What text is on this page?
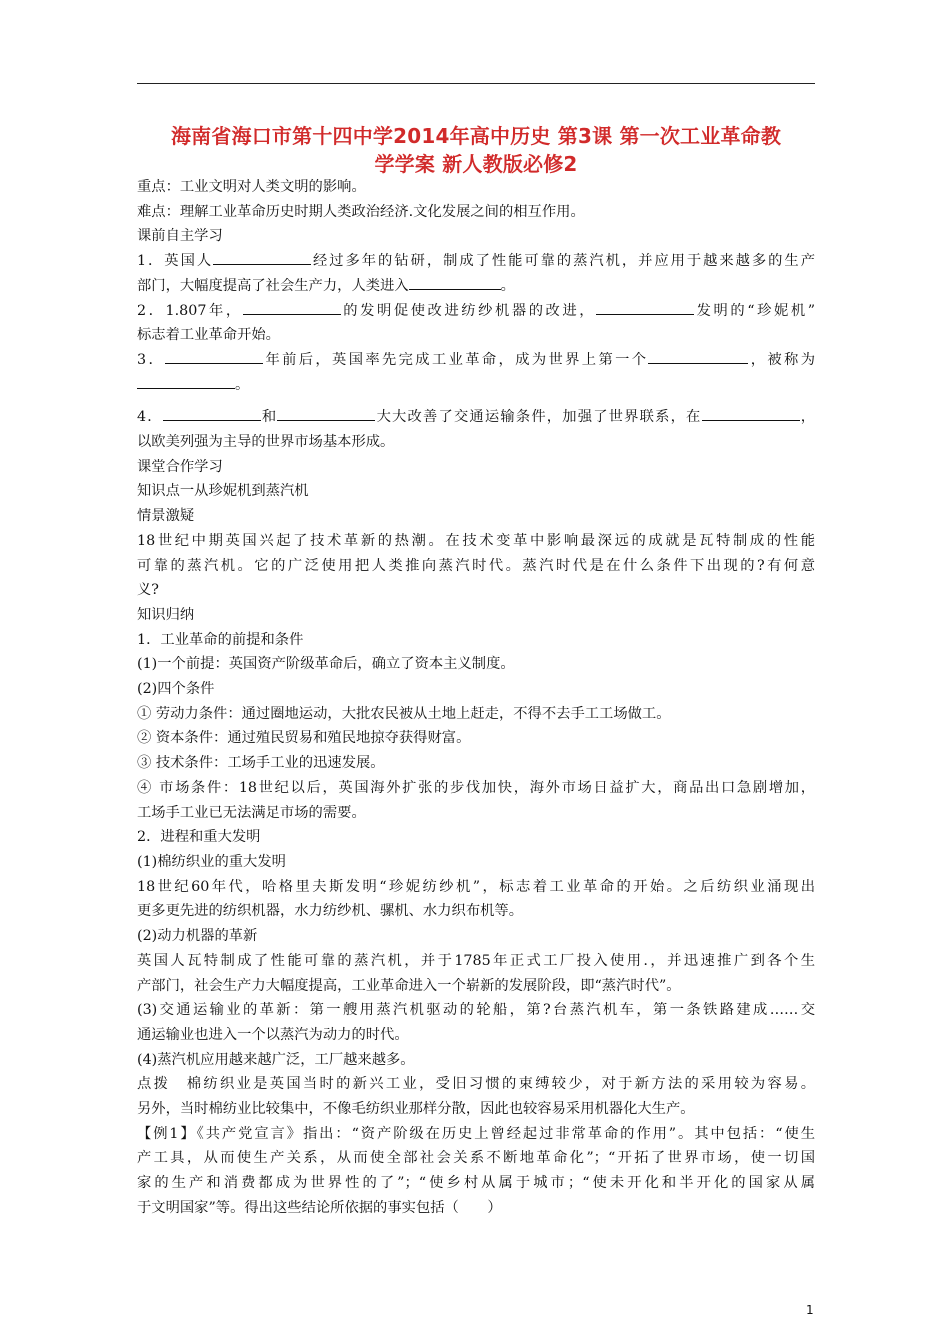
海南省海口市第十四中学2014年高中历史 第3课 第一次工业革命教
学学案 新人教版必修2

重点：工业文明对人类文明的影响。

难点：理解工业革命历史时期人类政治经济.文化发展之间的相互作用。

课前自主学习

1．英国人	经过多年的钻研，制成了性能可靠的蒸汽机，并应用于越来越多的生产

部门，大幅度提高了社会生产力，人类进入	。

2．1.807年，	的发明促使改进纺纱机器的改进，	发明的“珍妮机”

标志着工业革命开始。

3．	年前后，英国率先完成工业革命，成为世界上第一个	，被称为

。

4．	和	大大改善了交通运输条件，加强了世界联系，在	，

以欧美列强为主导的世界市场基本形成。

课堂合作学习

知识点一从珍妮机到蒸汽机

情景激疑

18世纪中期英国兴起了技术革新的热潮。在技术变革中影响最深远的成就是瓦特制成的性能

可靠的蒸汽机。它的广泛使用把人类推向蒸汽时代。蒸汽时代是在什么条件下出现的?有何意

义?

知识归纳

1．工业革命的前提和条件

(1)一个前提：英国资产阶级革命后，确立了资本主义制度。

(2)四个条件

① 劳动力条件：通过圈地运动，大批农民被从土地上赶走，不得不去手工工场做工。

② 资本条件：通过殖民贸易和殖民地掠夺获得财富。

③ 技术条件：工场手工业的迅速发展。

④ 市场条件：18世纪以后，英国海外扩张的步伐加快，海外市场日益扩大，商品出口急剧增加，

工场手工业已无法满足市场的需要。

2．进程和重大发明

(1)棉纺织业的重大发明

18世纪60年代，哈格里夫斯发明“珍妮纺纱机”，标志着工业革命的开始。之后纺织业涌现出

更多更先进的纺织机器，水力纺纱机、骡机、水力织布机等。

(2)动力机器的革新

英国人瓦特制成了性能可靠的蒸汽机，并于1785年正式工厂投入使用.，并迅速推广到各个生

产部门，社会生产力大幅度提高，工业革命进入一个崭新的发展阶段，即“蒸汽时代”。

(3)交通运输业的革新：第一艘用蒸汽机驱动的轮船，第?台蒸汽机车，第一条铁路建成……交

通运输业也进入一个以蒸汽为动力的时代。

(4)蒸汽机应用越来越广泛，工厂越来越多。

点拨　棉纺织业是英国当时的新兴工业，受旧习惯的束缚较少，对于新方法的采用较为容易。

另外，当时棉纺业比较集中，不像毛纺织业那样分散，因此也较容易采用机器化大生产。

【例1】《共产党宣言》指出：“资产阶级在历史上曾经起过非常革命的作用”。其中包括：“使生

产工具，从而使生产关系，从而使全部社会关系不断地革命化”；“开拓了世界市场，使一切国

家的生产和消费都成为世界性的了”；“使乡村从属于城市；“使未开化和半开化的国家从属

于文明国家”等。得出这些结论所依据的事实包括（　　）

1
